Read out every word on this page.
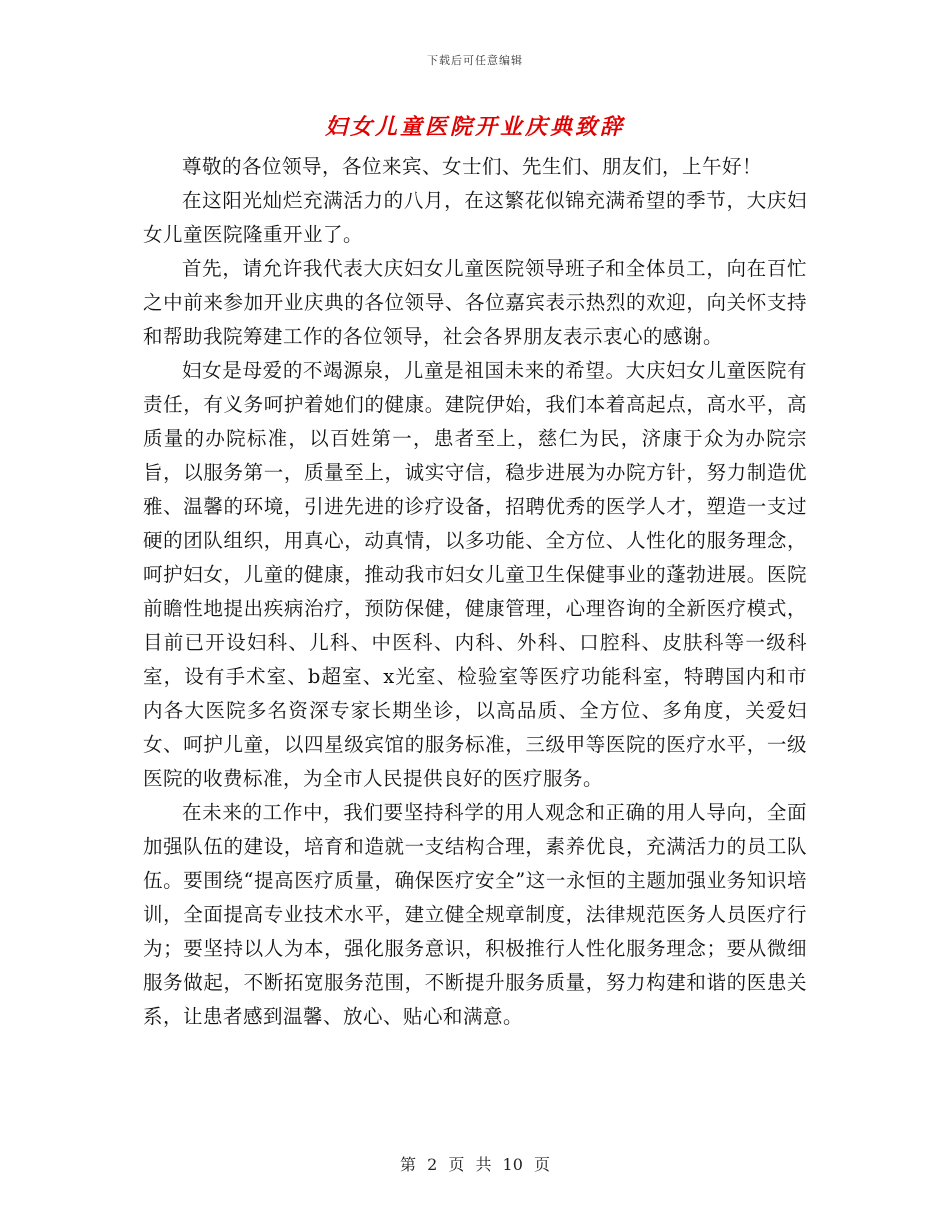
下载后可任意编辑
妇女儿童医院开业庆典致辞

尊敬的各位领导，各位来宾、女士们、先生们、朋友们，上午好！

在这阳光灿烂充满活力的八月，在这繁花似锦充满希望的季节，大庆妇女儿童医院隆重开业了。

首先，请允许我代表大庆妇女儿童医院领导班子和全体员工，向在百忙之中前来参加开业庆典的各位领导、各位嘉宾表示热烈的欢迎，向关怀支持和帮助我院筹建工作的各位领导，社会各界朋友表示衷心的感谢。

妇女是母爱的不竭源泉，儿童是祖国未来的希望。大庆妇女儿童医院有责任，有义务呵护着她们的健康。建院伊始，我们本着高起点，高水平，高质量的办院标准，以百姓第一，患者至上，慈仁为民，济康于众为办院宗旨，以服务第一，质量至上，诚实守信，稳步进展为办院方针，努力制造优雅、温馨的环境，引进先进的诊疗设备，招聘优秀的医学人才，塑造一支过硬的团队组织，用真心，动真情，以多功能、全方位、人性化的服务理念，呵护妇女，儿童的健康，推动我市妇女儿童卫生保健事业的蓬勃进展。医院前瞻性地提出疾病治疗，预防保健，健康管理，心理咨询的全新医疗模式，目前已开设妇科、儿科、中医科、内科、外科、口腔科、皮肤科等一级科室，设有手术室、b超室、x光室、检验室等医疗功能科室，特聘国内和市内各大医院多名资深专家长期坐诊，以高品质、全方位、多角度，关爱妇女、呵护儿童，以四星级宾馆的服务标准，三级甲等医院的医疗水平，一级医院的收费标准，为全市人民提供良好的医疗服务。

在未来的工作中，我们要坚持科学的用人观念和正确的用人导向，全面加强队伍的建设，培育和造就一支结构合理，素养优良，充满活力的员工队伍。要围绕“提高医疗质量，确保医疗安全”这一永恒的主题加强业务知识培训，全面提高专业技术水平，建立健全规章制度，法律规范医务人员医疗行为；要坚持以人为本，强化服务意识，积极推行人性化服务理念；要从微细服务做起，不断拓宽服务范围，不断提升服务质量，努力构建和谐的医患关系，让患者感到温馨、放心、贴心和满意。

第 2 页 共 10 页
